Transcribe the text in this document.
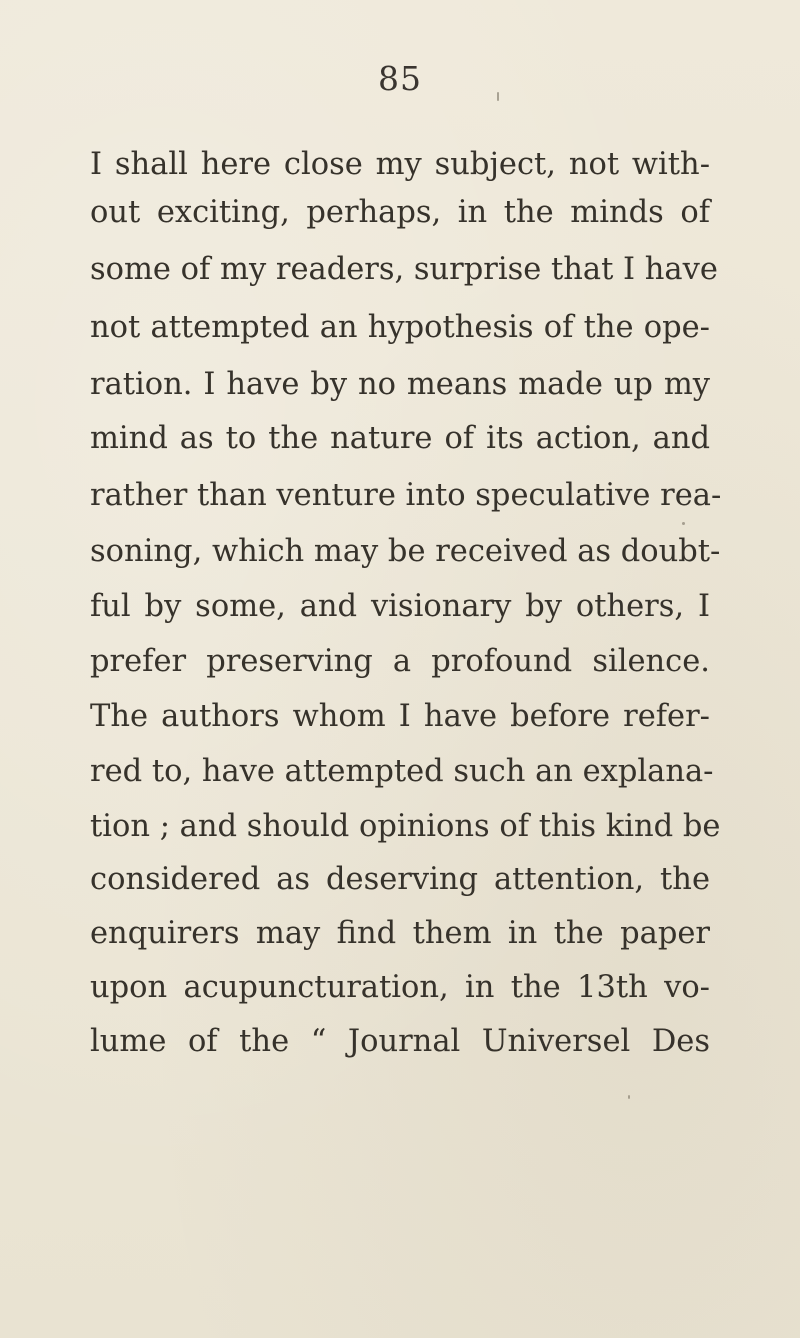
85

I shall here close my subject, not with-

out exciting, perhaps, in the minds of

some of my readers, surprise that I have

not attempted an hypothesis of the ope-

ration. I have by no means made up my

mind as to the nature of its action, and

rather than venture into speculative rea-

soning, which may be received as doubt-

ful by some, and visionary by others, I

prefer preserving a profound silence.

The authors whom I have before refer-

red to, have attempted such an explana-

tion ; and should opinions of this kind be

considered as deserving attention, the

enquirers may find them in the paper

upon acupuncturation, in the 13th vo-

lume of the “ Journal Universel Des
